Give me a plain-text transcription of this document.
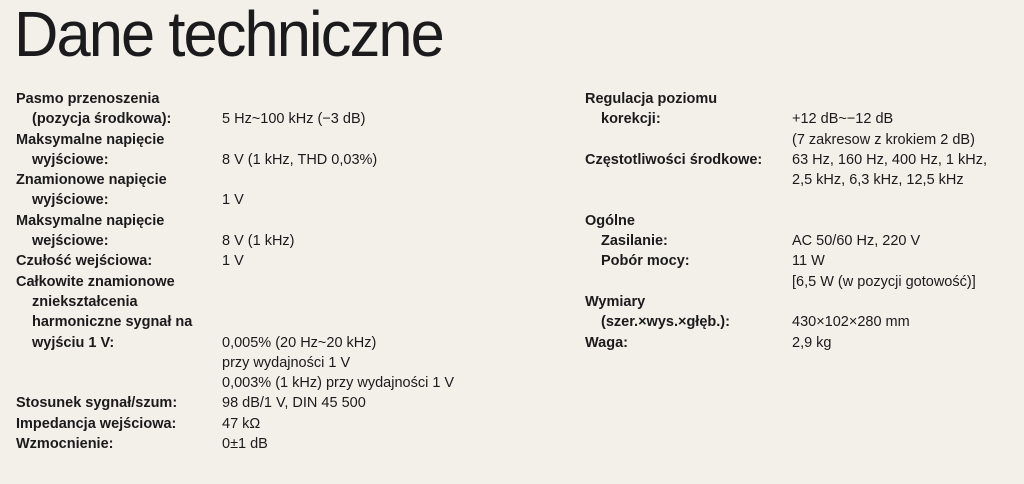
Dane techniczne
Pasmo przenoszenia
(pozycja środkowa):	5 Hz~100 kHz (−3 dB)
Maksymalne napięcie
wyjściowe:	8 V (1 kHz, THD 0,03%)
Znamionowe napięcie
wyjściowe:	1 V
Maksymalne napięcie
wejściowe:	8 V (1 kHz)
Czułość wejściowa:	1 V
Całkowite znamionowe
zniekształcenia
harmoniczne sygnał na
wyjściu 1 V:	0,005% (20 Hz~20 kHz)
przy wydajności 1 V
0,003% (1 kHz) przy wydajności 1 V
Stosunek sygnał/szum:	98 dB/1 V, DIN 45 500
Impedancja wejściowa:	47 kΩ
Wzmocnienie:	0±1 dB
Regulacja poziomu
korekcji:	+12 dB~−12 dB
(7 zakresow z krokiem 2 dB)
Częstotliwości środkowe:	63 Hz, 160 Hz, 400 Hz, 1 kHz,
2,5 kHz, 6,3 kHz, 12,5 kHz
Ogólne
Zasilanie:	AC 50/60 Hz, 220 V
Pobór mocy:	11 W
[6,5 W (w pozycji gotowość)]
Wymiary
(szer.×wys.×głęb.):	430×102×280 mm
Waga:	2,9 kg
